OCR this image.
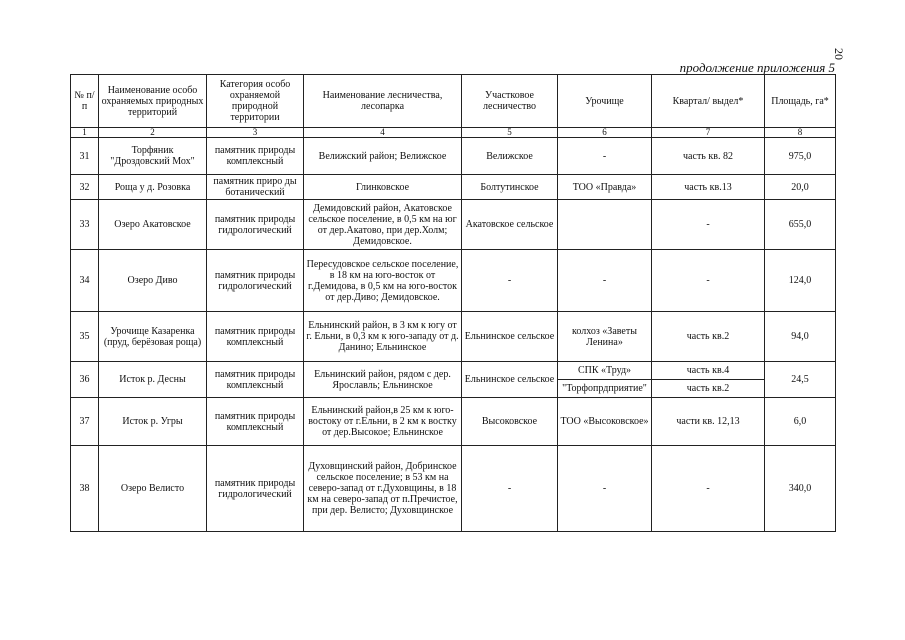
20
продолжение приложения 5
№ п/п	Наименование особо охраняемых природных территорий	Категория особо охраняемой природной территории	Наименование лесничества, лесопарка	Участковое лесничество	Урочище	Квартал/ выдел*	Площадь, га*
1	2	3	4	5	6	7	8
31	Торфяник "Дроздовский Мох"	памятник природы комплексный	Велижский район; Велижское	Велижское	-	часть кв. 82	975,0
32	Роща у д. Розовка	памятник приро ды ботанический	Глинковское	Болтутинское	ТОО «Правда»	часть кв.13	20,0
33	Озеро Акатовское	памятник природы гидрологический	Демидовский район, Акатовское сельское поселение, в 0,5 км на юг от дер.Акатово, при дер.Холм; Демидовское.	Акатовское сельское		-	655,0
34	Озеро Диво	памятник природы гидрологический	Пересудовское сельское поселение, в 18 км на юго-восток от г.Демидова, в 0,5 км на юго-восток от дер.Диво; Демидовское.	-	-	-	124,0
35	Урочище Казаренка (пруд, берёзовая роща)	памятник природы комплексный	Ельнинский район, в 3 км к югу от г. Ельни, в 0,3 км к юго-западу от д. Данино; Ельнинское	Ельнинское сельское	колхоз «Заветы Ленина»	часть кв.2	94,0
36	Исток р. Десны	памятник природы комплексный	Ельнинский район, рядом с дер. Ярославль; Ельнинское	Ельнинское сельское	СПК «Труд»	часть кв.4	24,5
					"Торфопрдприятие"	часть кв.2	
37	Исток р. Угры	памятник природы комплексный	Ельнинский район,в 25 км к юго-востоку от г.Ельни, в 2 км к востку от дер.Высокое; Ельнинское	Высоковское	ТОО «Высоковское»	части кв. 12,13	6,0
38	Озеро Велисто	памятник природы гидрологический	Духовщинский район, Добринское сельское поселение; в 53 км на северо-запад от г.Духовщины, в 18 км на северо-запад от п.Пречистое, при дер. Велисто; Духовщинское	-	-	-	340,0
